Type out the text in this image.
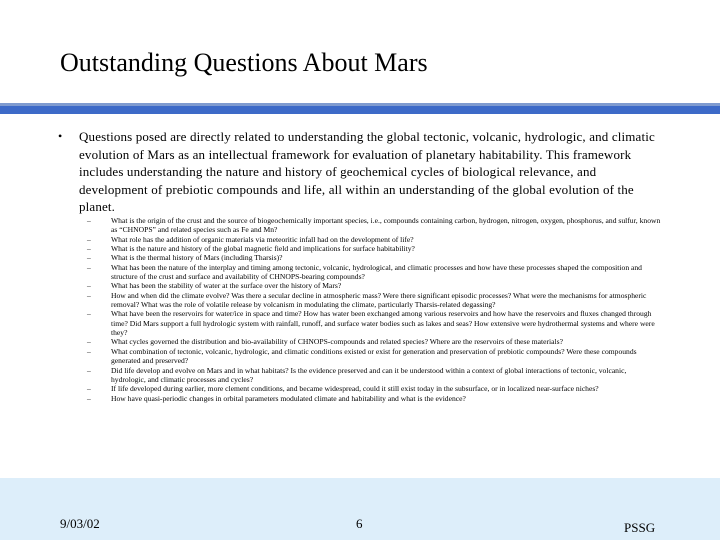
Outstanding Questions About Mars
• Questions posed are directly related to understanding the global tectonic, volcanic, hydrologic, and climatic evolution of Mars as an intellectual framework for evaluation of planetary habitability. This framework includes understanding the nature and history of geochemical cycles of biological relevance, and development of prebiotic compounds and life, all within an understanding of the global evolution of the planet.
–	What is the origin of the crust and the source of biogeochemically important species, i.e., compounds containing carbon, hydrogen, nitrogen, oxygen, phosphorus, and sulfur, known as “CHNOPS” and related species such as Fe and Mn?
–	What role has the addition of organic materials via meteoritic infall had on the development of life?
–	What is the nature and history of the global magnetic field and implications for surface habitability?
–	What is the thermal history of Mars (including Tharsis)?
–	What has been the nature of the interplay and timing among tectonic, volcanic, hydrological, and climatic processes and how have these processes shaped the composition and structure of the crust and surface and availability of CHNOPS-bearing compounds?
–	What has been the stability of water at the surface over the history of Mars?
–	How and when did the climate evolve? Was there a secular decline in atmospheric mass? Were there significant episodic processes? What were the mechanisms for atmospheric removal? What was the role of volatile release by volcanism in modulating the climate, particularly Tharsis-related degassing?
–	What have been the reservoirs for water/ice in space and time? How has water been exchanged among various reservoirs and how have the reservoirs and fluxes changed through time? Did Mars support a full hydrologic system with rainfall, runoff, and surface water bodies such as lakes and seas? How extensive were hydrothermal systems and where were they?
–	What cycles governed the distribution and bio-availability of CHNOPS-compounds and related species? Where are the reservoirs of these materials?
–	What combination of tectonic, volcanic, hydrologic, and climatic conditions existed or exist for generation and preservation of prebiotic compounds? Were these compounds generated and preserved?
–	Did life develop and evolve on Mars and in what habitats? Is the evidence preserved and can it be understood within a context of global interactions of tectonic, volcanic, hydrologic, and climatic processes and cycles?
–	If life developed during earlier, more clement conditions, and became widespread, could it still exist today in the subsurface, or in localized near-surface niches?
–	How have quasi-periodic changes in orbital parameters modulated climate and habitability and what is the evidence?
9/03/02	6	PSSG
